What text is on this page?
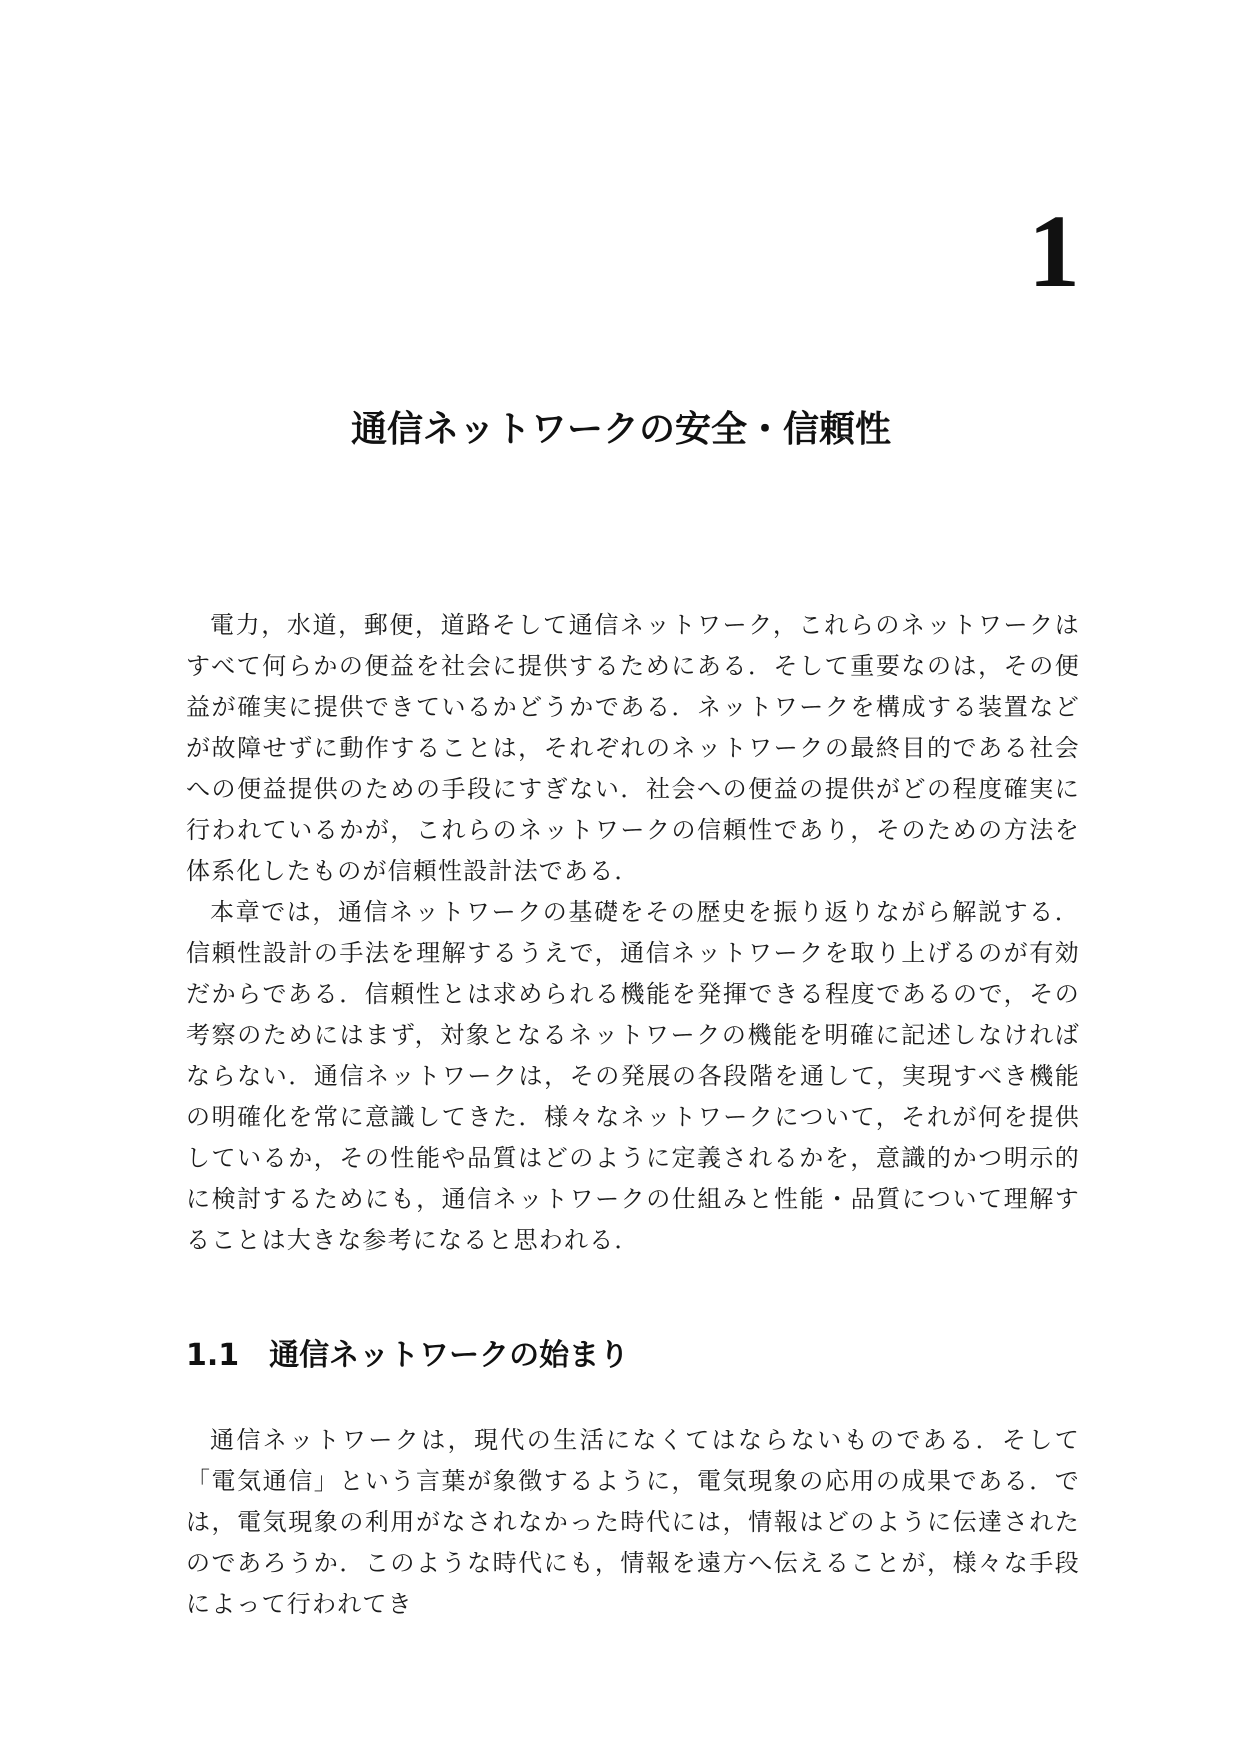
1
通信ネットワークの安全・信頼性

電力，水道，郵便，道路そして通信ネットワーク，これらのネットワークはすべて何らかの便益を社会に提供するためにある．そして重要なのは，その便益が確実に提供できているかどうかである．ネットワークを構成する装置などが故障せずに動作することは，それぞれのネットワークの最終目的である社会への便益提供のための手段にすぎない．社会への便益の提供がどの程度確実に行われているかが，これらのネットワークの信頼性であり，そのための方法を体系化したものが信頼性設計法である．

本章では，通信ネットワークの基礎をその歴史を振り返りながら解説する．信頼性設計の手法を理解するうえで，通信ネットワークを取り上げるのが有効だからである．信頼性とは求められる機能を発揮できる程度であるので，その考察のためにはまず，対象となるネットワークの機能を明確に記述しなければならない．通信ネットワークは，その発展の各段階を通して，実現すべき機能の明確化を常に意識してきた．様々なネットワークについて，それが何を提供しているか，その性能や品質はどのように定義されるかを，意識的かつ明示的に検討するためにも，通信ネットワークの仕組みと性能・品質について理解することは大きな参考になると思われる．

1.1 通信ネットワークの始まり

通信ネットワークは，現代の生活になくてはならないものである．そして「電気通信」という言葉が象徴するように，電気現象の応用の成果である．では，電気現象の利用がなされなかった時代には，情報はどのように伝達されたのであろうか．このような時代にも，情報を遠方へ伝えることが，様々な手段によって行われてき
